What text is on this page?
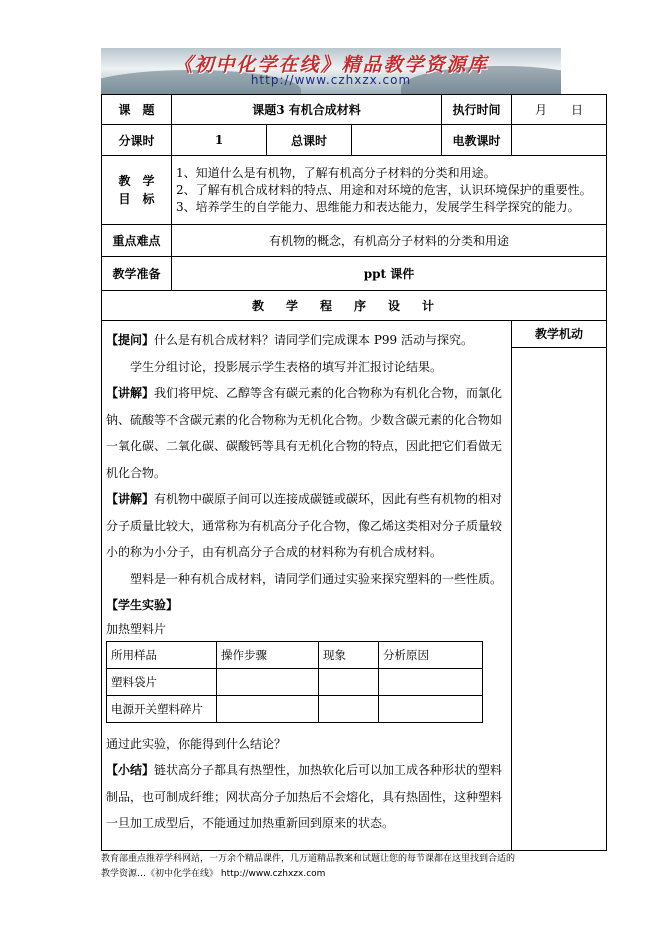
《初中化学在线》精品教学资源库
http://www.czhxzx.com
课　题	课题3 有机合成材料	执行时间	月　　日
分课时	1	总课时		电教课时	

教　学
目　标

1、知道什么是有机物，了解有机高分子材料的分类和用途。
2、了解有机合成材料的特点、用途和对环境的危害，认识环境保护的重要性。
3、培养学生的自学能力、思维能力和表达能力，发展学生科学探究的能力。

重点难点	有机物的概念，有机高分子材料的分类和用途
教学准备	ppt 课件
教学程序设计

【提问】什么是有机合成材料？请同学们完成课本 P99 活动与探究。

学生分组讨论，投影展示学生表格的填写并汇报讨论结果。

【讲解】我们将甲烷、乙醇等含有碳元素的化合物称为有机化合物，而氯化钠、硫酸等不含碳元素的化合物称为无机化合物。少数含碳元素的化合物如一氧化碳、二氧化碳、碳酸钙等具有无机化合物的特点，因此把它们看做无机化合物。

【讲解】有机物中碳原子间可以连接成碳链或碳环，因此有些有机物的相对分子质量比较大，通常称为有机高分子化合物，像乙烯这类相对分子质量较小的称为小分子，由有机高分子合成的材料称为有机合成材料。

塑料是一种有机合成材料，请同学们通过实验来探究塑料的一些性质。

【学生实验】

加热塑料片

所用样品	操作步骤	现象	分析原因
塑料袋片			
电源开关塑料碎片			

通过此实验，你能得到什么结论？

【小结】链状高分子都具有热塑性，加热软化后可以加工成各种形状的塑料制品，也可制成纤维；网状高分子加热后不会熔化，具有热固性，这种塑料一旦加工成型后，不能通过加热重新回到原来的状态。

教学机动
教育部重点推荐学科网站，一万余个精品课件，几万道精品教案和试题让您的每节课都在这里找到合适的
教学资源…《初中化学在线》 http://www.czhxzx.com
